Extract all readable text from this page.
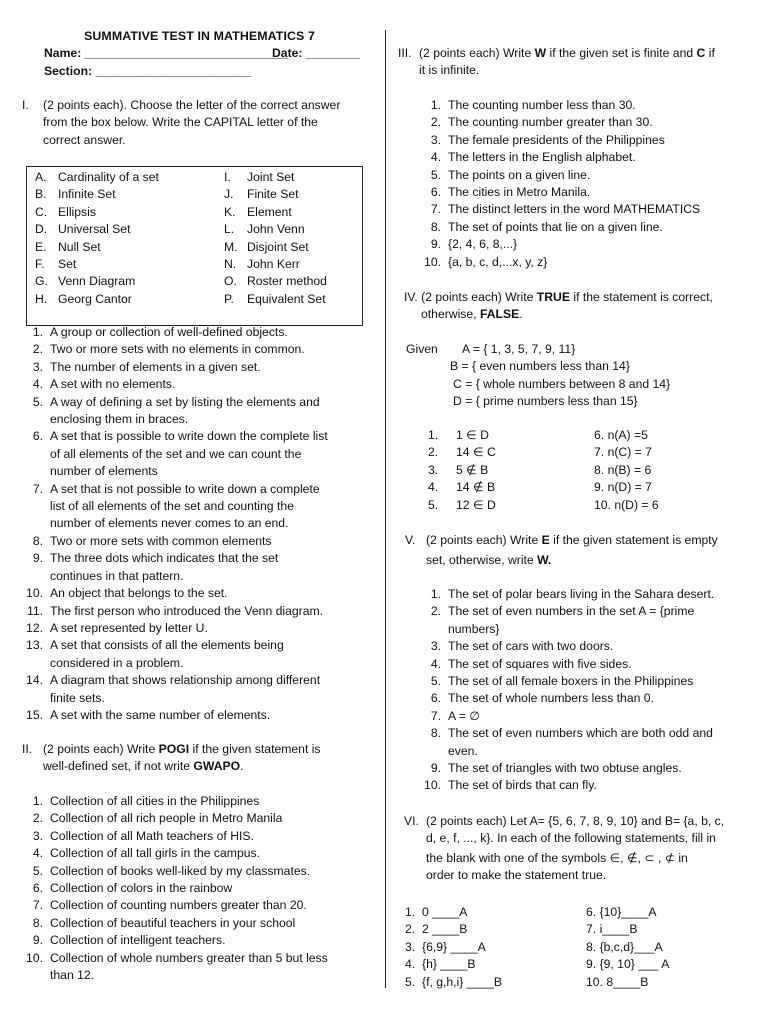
SUMMATIVE TEST IN MATHEMATICS 7
Name: ______________________________
Date: ________
Section: _______________________
I. (2 points each). Choose the letter of the correct answer
from the box below. Write the CAPITAL letter of the
correct answer.
A. Cardinality of a set
B. Infinite Set
C. Ellipsis
D. Universal Set
E. Null Set
F. Set
G. Venn Diagram
H. Georg Cantor
I. Joint Set
J. Finite Set
K. Element
L. John Venn
M. Disjoint Set
N. John Kerr
O. Roster method
P. Equivalent Set
1. A group or collection of well-defined objects.
2. Two or more sets with no elements in common.
3. The number of elements in a given set.
4. A set with no elements.
5. A way of defining a set by listing the elements and
enclosing them in braces.
6. A set that is possible to write down the complete list
of all elements of the set and we can count the
number of elements
7. A set that is not possible to write down a complete
list of all elements of the set and counting the
number of elements never comes to an end.
8. Two or more sets with common elements
9. The three dots which indicates that the set
continues in that pattern.
10. An object that belongs to the set.
11. The first person who introduced the Venn diagram.
12. A set represented by letter U.
13. A set that consists of all the elements being
considered in a problem.
14. A diagram that shows relationship among different
finite sets.
15. A set with the same number of elements.
II. (2 points each) Write POGI if the given statement is
well-defined set, if not write GWAPO.
1. Collection of all cities in the Philippines
2. Collection of all rich people in Metro Manila
3. Collection of all Math teachers of HIS.
4. Collection of all tall girls in the campus.
5. Collection of books well-liked by my classmates.
6. Collection of colors in the rainbow
7. Collection of counting numbers greater than 20.
8. Collection of beautiful teachers in your school
9. Collection of intelligent teachers.
10. Collection of whole numbers greater than 5 but less
than 12.
III. (2 points each) Write W if the given set is finite and C if
it is infinite.
1. The counting number less than 30.
2. The counting number greater than 30.
3. The female presidents of the Philippines
4. The letters in the English alphabet.
5. The points on a given line.
6. The cities in Metro Manila.
7. The distinct letters in the word MATHEMATICS
8. The set of points that lie on a given line.
9. {2, 4, 6, 8,...}
10. {a, b, c, d,...x, y, z}
IV. (2 points each) Write TRUE if the statement is correct,
otherwise, FALSE.
Given	A = { 1, 3, 5, 7, 9, 11}
B = { even numbers less than 14}
C = { whole numbers between 8 and 14}
D = { prime numbers less than 15}
1. 1 ∈ D
2. 14 ∈ C
3. 5 ∉ B
4. 14 ∉ B
5. 12 ∈ D
6. n(A) =5
7. n(C) = 7
8. n(B) = 6
9. n(D) = 7
10. n(D) = 6
V. (2 points each) Write E if the given statement is empty
set, otherwise, write W.
1. The set of polar bears living in the Sahara desert.
2. The set of even numbers in the set A = {prime
numbers}
3. The set of cars with two doors.
4. The set of squares with five sides.
5. The set of all female boxers in the Philippines
6. The set of whole numbers less than 0.
7. A = ∅
8. The set of even numbers which are both odd and
even.
9. The set of triangles with two obtuse angles.
10. The set of birds that can fly.
VI. (2 points each) Let A= {5, 6, 7, 8, 9, 10} and B= {a, b, c,
d, e, f, ..., k}. In each of the following statements, fill in
the blank with one of the symbols ∈, ∉, ⊂ , ⊄ in
order to make the statement true.
1. 0 ____A
2. 2 ____B
3. {6,9} ____A
4. {h} ____B
5. {f, g,h,i} ____B
6. {10}____A
7. i____B
8. {b,c,d}___A
9. {9, 10} ___ A
10. 8____B
